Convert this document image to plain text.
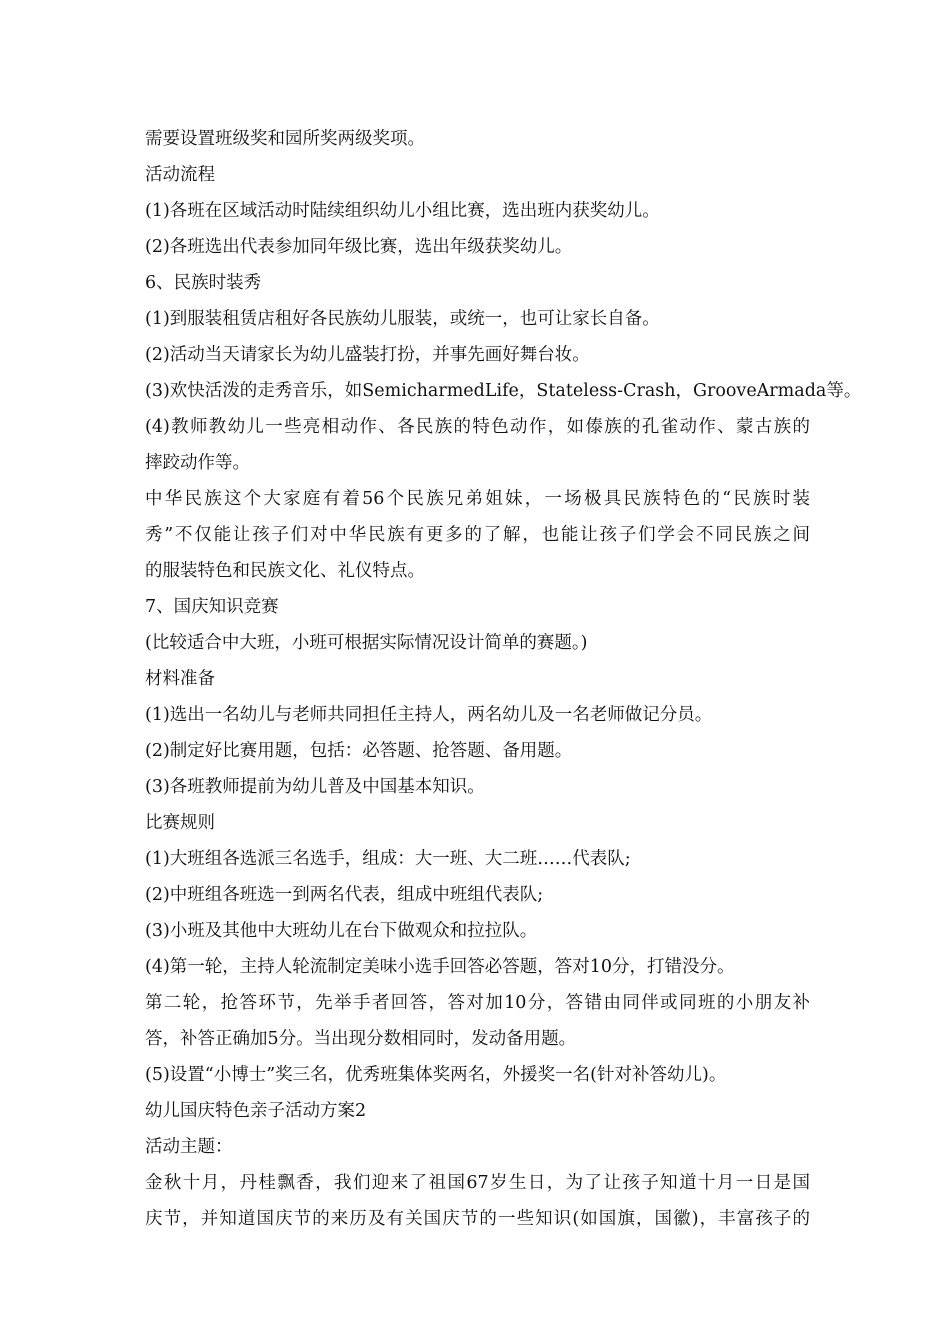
需要设置班级奖和园所奖两级奖项。
活动流程
(1)各班在区域活动时陆续组织幼儿小组比赛，选出班内获奖幼儿。
(2)各班选出代表参加同年级比赛，选出年级获奖幼儿。
6、民族时装秀
(1)到服装租赁店租好各民族幼儿服装，或统一，也可让家长自备。
(2)活动当天请家长为幼儿盛装打扮，并事先画好舞台妆。
(3)欢快活泼的走秀音乐，如SemicharmedLife，Stateless-Crash，GrooveArmada等。
(4)教师教幼儿一些亮相动作、各民族的特色动作，如傣族的孔雀动作、蒙古族的
摔跤动作等。
中华民族这个大家庭有着56个民族兄弟姐妹，一场极具民族特色的“民族时装
秀”不仅能让孩子们对中华民族有更多的了解，也能让孩子们学会不同民族之间
的服装特色和民族文化、礼仪特点。
7、国庆知识竞赛
(比较适合中大班，小班可根据实际情况设计简单的赛题。)
材料准备
(1)选出一名幼儿与老师共同担任主持人，两名幼儿及一名老师做记分员。
(2)制定好比赛用题，包括：必答题、抢答题、备用题。
(3)各班教师提前为幼儿普及中国基本知识。
比赛规则
(1)大班组各选派三名选手，组成：大一班、大二班……代表队;
(2)中班组各班选一到两名代表，组成中班组代表队;
(3)小班及其他中大班幼儿在台下做观众和拉拉队。
(4)第一轮，主持人轮流制定美味小选手回答必答题，答对10分，打错没分。
第二轮，抢答环节，先举手者回答，答对加10分，答错由同伴或同班的小朋友补
答，补答正确加5分。当出现分数相同时，发动备用题。
(5)设置“小博士”奖三名，优秀班集体奖两名，外援奖一名(针对补答幼儿)。
幼儿国庆特色亲子活动方案2
活动主题：
金秋十月，丹桂飘香，我们迎来了祖国67岁生日，为了让孩子知道十月一日是国
庆节，并知道国庆节的来历及有关国庆节的一些知识(如国旗，国徽)，丰富孩子的
